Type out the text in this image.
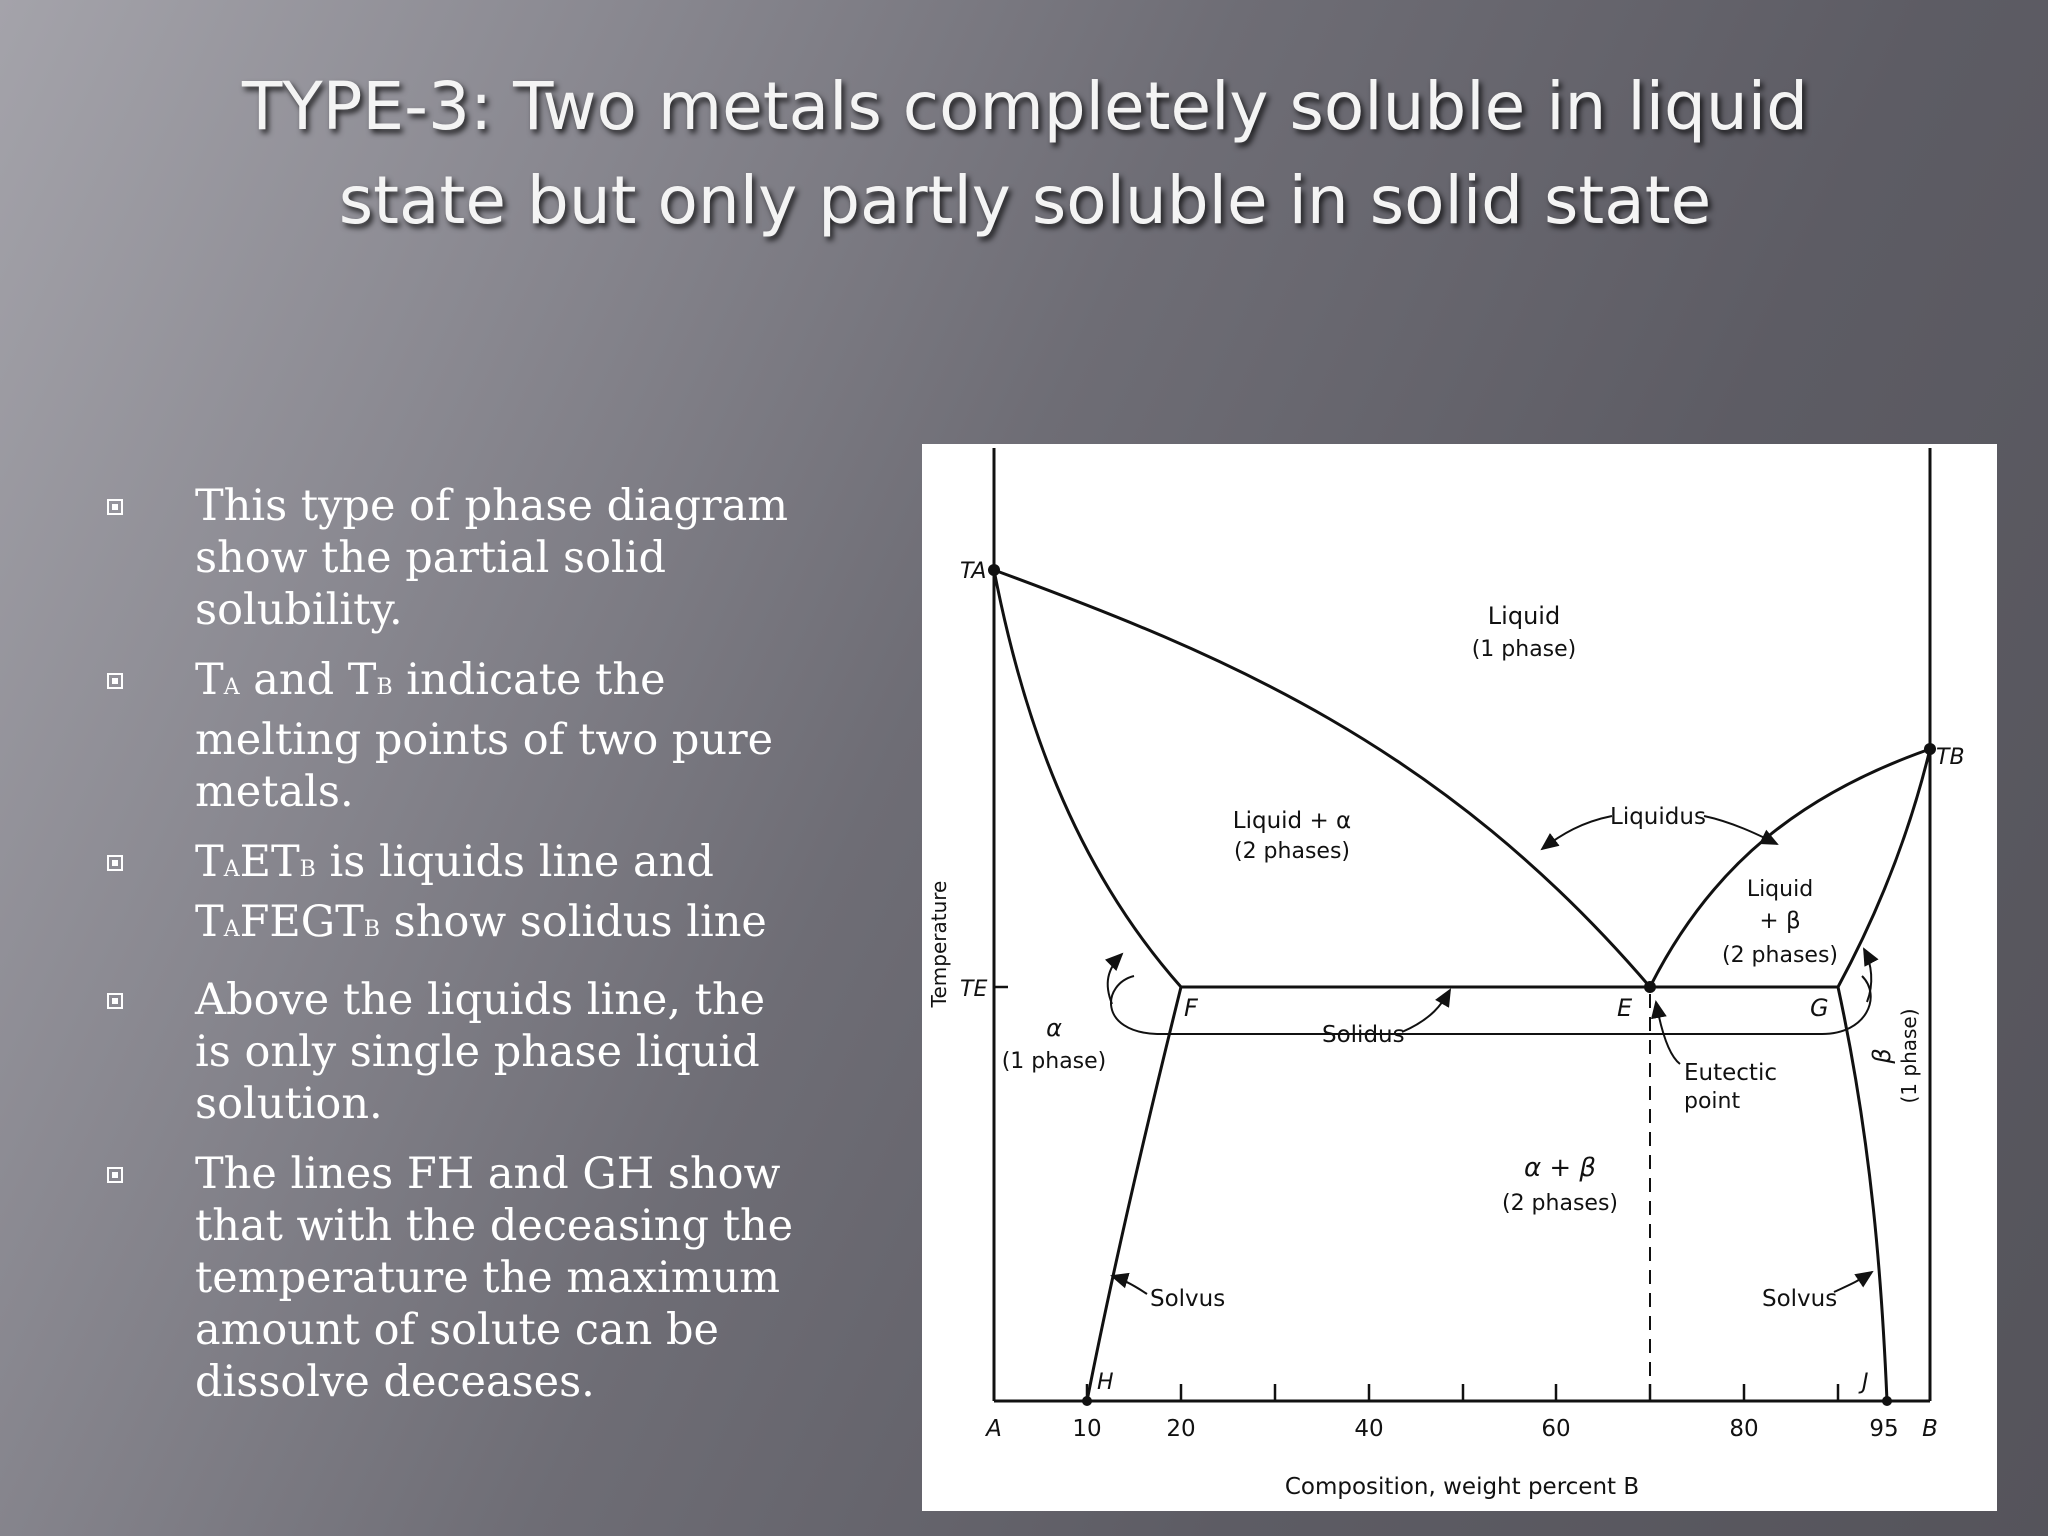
TYPE-3: Two metals completely soluble in liquid state but only partly soluble in solid state
This type of phase diagram show the partial solid solubility.
TA and TB indicate the melting points of two pure metals.
TAETB is liquids line and TAFEGTB show solidus line
Above the liquids line, the is only single phase liquid solution.
The lines FH and GH show that with the deceasing the temperature the maximum amount of solute can be dissolve deceases.
TA
TB
TE
F	E	G
H	J
Liquid
(1 phase)
Liquid + α
(2 phases)
Liquid
+ β
(2 phases)
α
(1 phase)
α + β
(2 phases)
β (1 phase)
Liquidus
Solidus
Eutectic
point
Solvus	Solvus
A	10	20	40	60	80	95 B
Composition, weight percent B
Temperature
